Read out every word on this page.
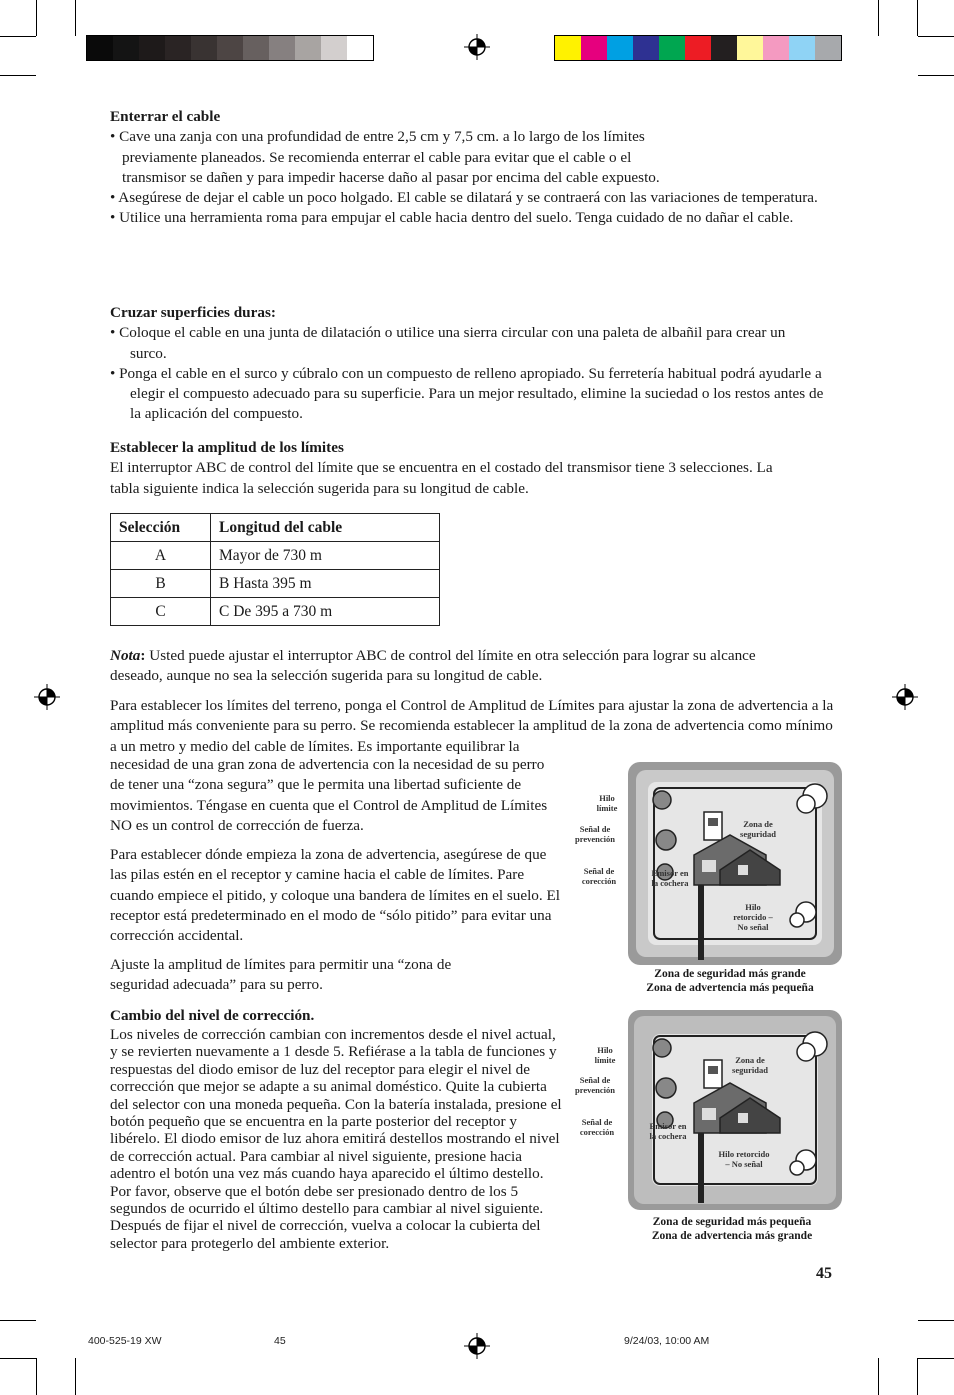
Enterrar el cable

• Cave una zanja con una profundidad de entre 2,5 cm y 7,5 cm. a lo largo de los límites previamente planeados. Se recomienda enterrar el cable para evitar que el cable o el transmisor se dañen y para impedir hacerse daño al pasar por encima del cable expuesto.

• Asegúrese de dejar el cable un poco holgado. El cable se dilatará y se contraerá con las variaciones de temperatura.

• Utilice una herramienta roma para empujar el cable hacia dentro del suelo. Tenga cuidado de no dañar el cable.

Cruzar superficies duras:

• Coloque el cable en una junta de dilatación o utilice una sierra circular con una paleta de albañil para crear un surco.

• Ponga el cable en el surco y cúbralo con un compuesto de relleno apropiado. Su ferretería habitual podrá ayudarle a elegir el compuesto adecuado para su superficie. Para un mejor resultado, elimine la suciedad o los restos antes de la aplicación del compuesto.

Establecer la amplitud de los límites

El interruptor ABC de control del límite que se encuentra en el costado del transmisor tiene 3 selecciones. La tabla siguiente indica la selección sugerida para su longitud de cable.

Selección	Longitud del cable
A	Mayor de 730 m
B	B Hasta 395 m
C	C De 395 a 730 m

Nota: Usted puede ajustar el interruptor ABC de control del límite en otra selección para lograr su alcance deseado, aunque no sea la selección sugerida para su longitud de cable.

Para establecer los límites del terreno, ponga el Control de Amplitud de Límites para ajustar la zona de advertencia a la amplitud más conveniente para su perro. Se recomienda establecer la amplitud de la zona de advertencia como mínimo a un metro y medio del cable de límites. Es importante equilibrar la

necesidad de una gran zona de advertencia con la necesidad de su perro de tener una “zona segura” que le permita una libertad suficiente de movimientos. Téngase en cuenta que el Control de Amplitud de Límites NO es un control de corrección de fuerza.

Para establecer dónde empieza la zona de advertencia, asegúrese de que las pilas estén en el receptor y camine hacia el cable de límites. Pare cuando empiece el pitido, y coloque una bandera de límites en el suelo. El receptor está predeterminado en el modo de “sólo pitido” para evitar una corrección accidental.

Ajuste la amplitud de límites para permitir una “zona de seguridad adecuada” para su perro.

Cambio del nivel de corrección.

Los niveles de corrección cambian con incrementos desde el nivel actual, y se revierten nuevamente a 1 desde 5. Refiérase a la tabla de funciones y respuestas del diodo emisor de luz del receptor para elegir el nivel de corrección que mejor se adapte a su animal doméstico. Quite la cubierta del selector con una moneda pequeña. Con la batería instalada, presione el botón pequeño que se encuentra en la parte posterior del receptor y libérelo. El diodo emisor de luz ahora emitirá destellos mostrando el nivel de corrección actual. Para cambiar al nivel siguiente, presione hacia adentro el botón una vez más cuando haya aparecido el último destello. Por favor, observe que el botón debe ser presionado dentro de los 5 segundos de ocurrido el último destello para cambiar al nivel siguiente. Después de fijar el nivel de corrección, vuelva a colocar la cubierta del selector para protegerlo del ambiente exterior.

Hilo límite
Señal de prevención
Señal de corección
Zona de seguridad
Emisor en la cochera
Hilo retorcido – No señal
Zona de seguridad más grande
Zona de advertencia más pequeña
Hilo límite
Señal de prevención
Señal de corección
Zona de seguridad
Emisor en la cochera
Hilo retorcido – No señal
Zona de seguridad más pequeña
Zona de advertencia más grande
45
400-525-19 XW	45	9/24/03, 10:00 AM
